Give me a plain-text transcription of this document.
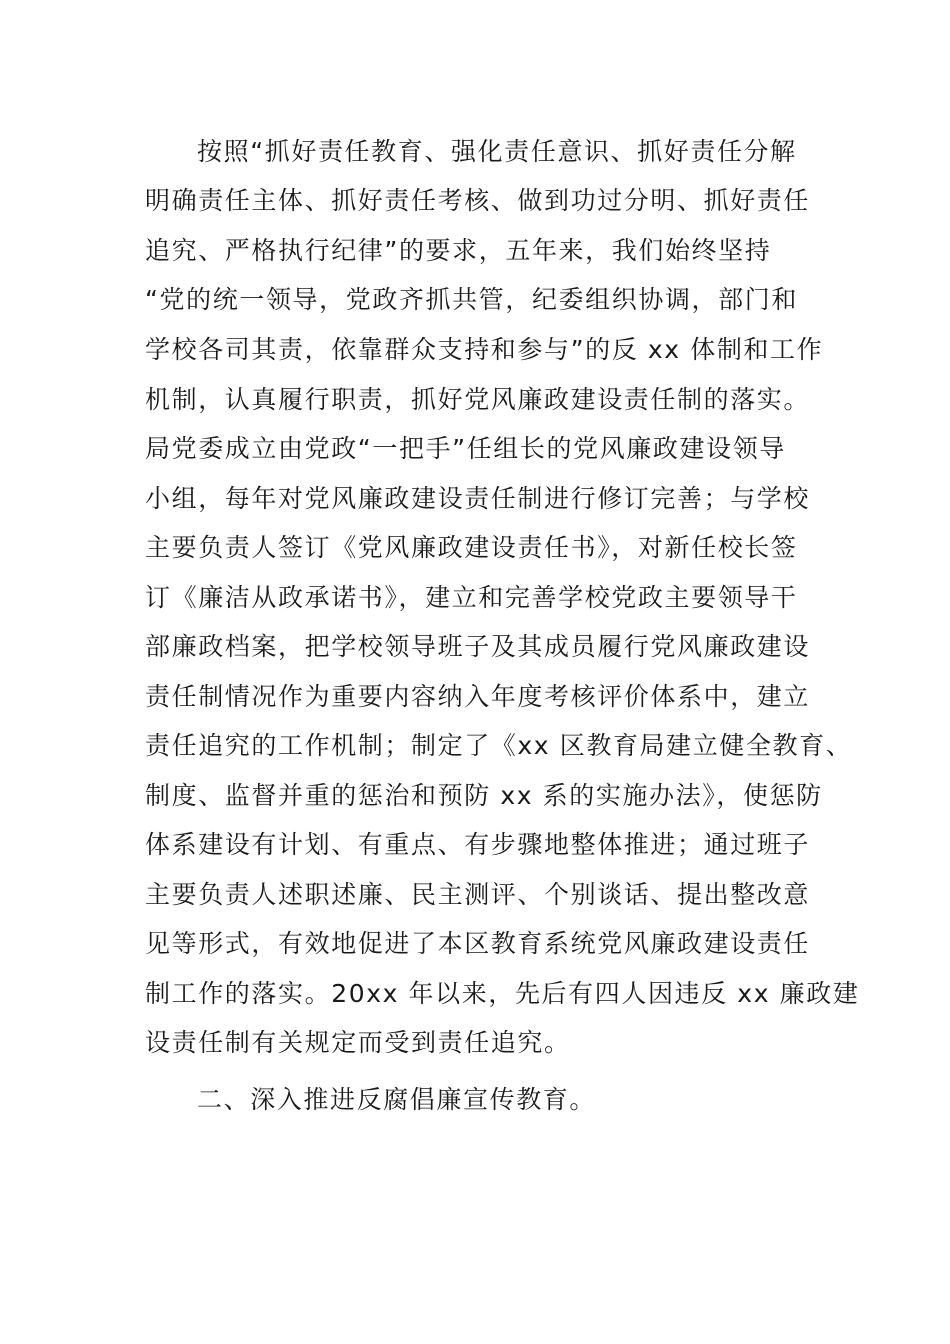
按照“抓好责任教育、强化责任意识、抓好责任分解
明确责任主体、抓好责任考核、做到功过分明、抓好责任
追究、严格执行纪律”的要求，五年来，我们始终坚持
“党的统一领导，党政齐抓共管，纪委组织协调，部门和
学校各司其责，依靠群众支持和参与”的反 xx 体制和工作
机制，认真履行职责，抓好党风廉政建设责任制的落实。
局党委成立由党政“一把手”任组长的党风廉政建设领导
小组，每年对党风廉政建设责任制进行修订完善；与学校
主要负责人签订《党风廉政建设责任书》，对新任校长签
订《廉洁从政承诺书》，建立和完善学校党政主要领导干
部廉政档案，把学校领导班子及其成员履行党风廉政建设
责任制情况作为重要内容纳入年度考核评价体系中，建立
责任追究的工作机制；制定了《xx 区教育局建立健全教育、
制度、监督并重的惩治和预防 xx 系的实施办法》，使惩防
体系建设有计划、有重点、有步骤地整体推进；通过班子
主要负责人述职述廉、民主测评、个别谈话、提出整改意
见等形式，有效地促进了本区教育系统党风廉政建设责任
制工作的落实。20xx 年以来，先后有四人因违反 xx 廉政建
设责任制有关规定而受到责任追究。
二、深入推进反腐倡廉宣传教育。
